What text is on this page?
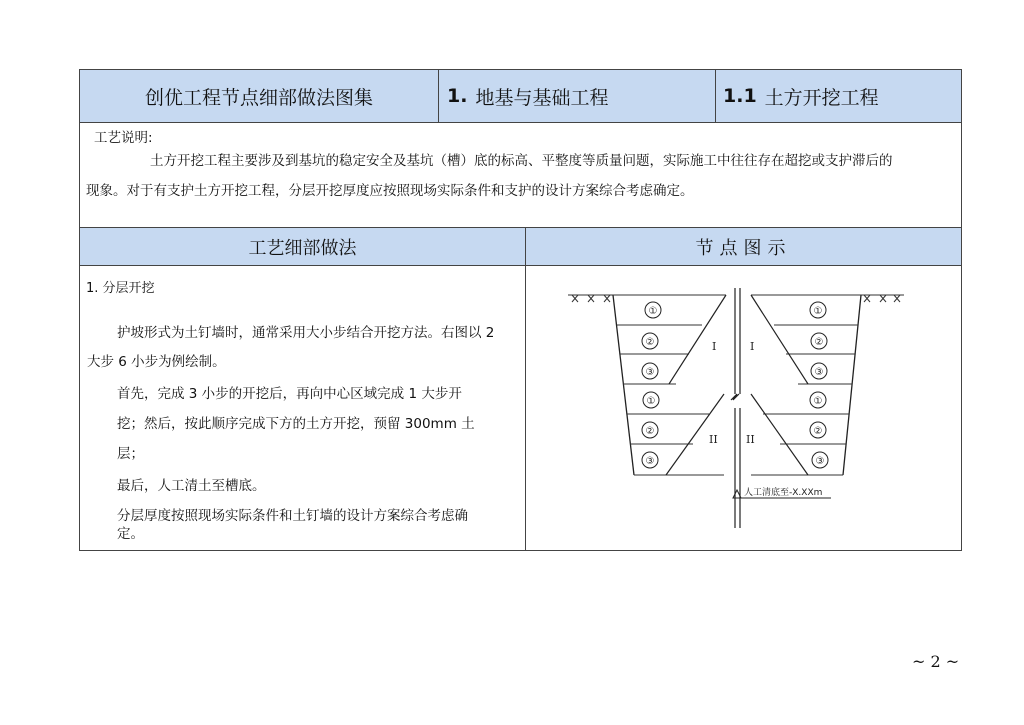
创优工程节点细部做法图集	1. 地基与基础工程	1.1 土方开挖工程
工艺说明:
土方开挖工程主要涉及到基坑的稳定安全及基坑（槽）底的标高、平整度等质量问题，实际施工中往往存在超挖或支护滞后的
现象。对于有支护土方开挖工程，分层开挖厚度应按照现场实际条件和支护的设计方案综合考虑确定。
工艺细部做法	节点图示
1. 分层开挖
护坡形式为土钉墙时，通常采用大小步结合开挖方法。右图以 2
大步 6 小步为例绘制。
首先，完成 3 小步的开挖后，再向中心区域完成 1 大步开
挖；然后，按此顺序完成下方的土方开挖，预留 300mm 土
层；
最后，人工清土至槽底。
分层厚度按照现场实际条件和土钉墙的设计方案综合考虑确
定。
①
②
③
①
②
③
①
②
③
①
②
③
I	I
II	II
人工清底至-X.XXm
~ 2 ~
